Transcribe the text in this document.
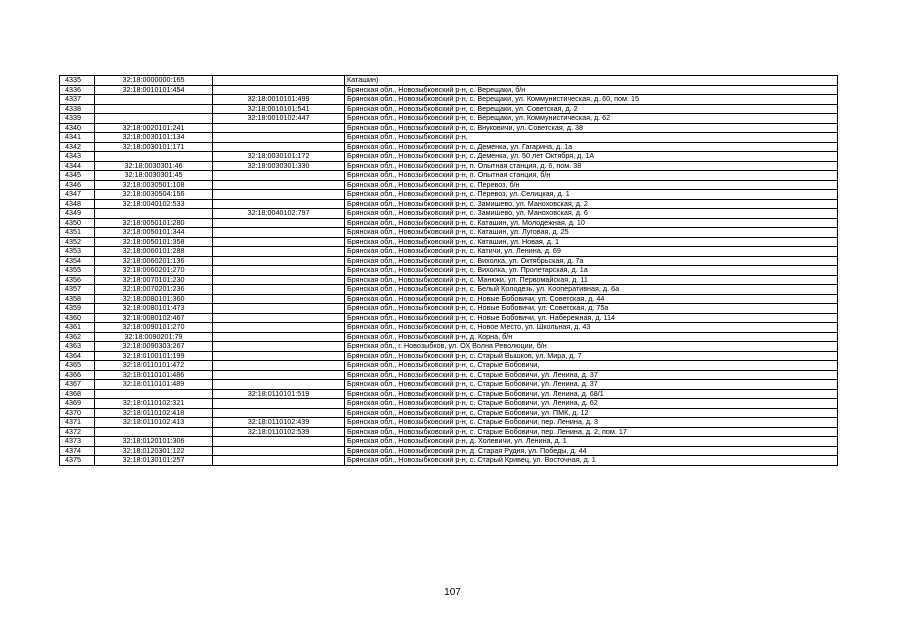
4335	32:18:0000000:165		Каташин)
4336	32:18:0010101:454		Брянская обл., Новозыбковский р-н, с. Верещаки, б/н
4337		32:18:0010101:499	Брянская обл., Новозыбковский р-н, с. Верещаки, ул. Коммунистическая, д. 60, пом. 15
4338		32:18:0010101:541	Брянская обл., Новозыбковский р-н, с. Верещаки, ул. Советская, д. 2
4339		32:18:0010102:447	Брянская обл., Новозыбковский р-н, с. Верещаки, ул. Коммунистическая, д. 62
4340	32:18:0020101:241		Брянская обл., Новозыбковский р-н, с. Внуковичи, ул. Советская, д. 38
4341	32:18:0030101:134		Брянская обл., Новозыбковский р-н,
4342	32:18:0030101:171		Брянская обл., Новозыбковский р-н, с. Деменка, ул. Гагарина, д. 1а
4343		32:18:0030101:172	Брянская обл., Новозыбковский р-н, с. Деменка, ул. 50 лет Октября, д. 1А
4344	32:18:0030301:46	32:18:0030301:330	Брянская обл., Новозыбковский р-н, п. Опытная станция, д. 6, пом. 38
4345	32:18:0030301:45		Брянская обл., Новозыбковский р-н, п. Опытная станция, б/н
4346	32:18:0030501:108		Брянская обл., Новозыбковский р-н, с. Перевоз, б/н
4347	32:18:0030504:156		Брянская обл., Новозыбковский р-н, с. Перевоз, ул. Селицкая, д. 1
4348	32:18:0040102:533		Брянская обл., Новозыбковский р-н, с. Замишево, ул. Маноховская, д. 2
4349		32:18:0040102:797	Брянская обл., Новозыбковский р-н, с. Замишево, ул. Маноховская, д. 6
4350	32:18:0050101:280		Брянская обл., Новозыбковский р-н, с. Каташин, ул. Молодежная, д. 10
4351	32:18:0050101:344		Брянская обл., Новозыбковский р-н, с. Каташин, ул. Луговая, д. 25
4352	32:18:0050101:358		Брянская обл., Новозыбковский р-н, с. Каташин, ул. Новая, д. 1
4353	32:18:0060101:288		Брянская обл., Новозыбковский р-н, с. Катичи, ул. Ленина, д. 69
4354	32:18:0060201:136		Брянская обл., Новозыбковский р-н, с. Вихолка, ул. Октябрьская, д. 7а
4355	32:18:0060201:270		Брянская обл., Новозыбковский р-н, с. Вихолка, ул. Пролетарская, д. 1а
4356	32:18:0070101:230		Брянская обл., Новозыбковский р-н, с. Манюки, ул. Первомайская, д. 11
4357	32:18:0070201:236		Брянская обл., Новозыбковский р-н, с. Белый Колодезь, ул. Кооперативная, д. 6а
4358	32:18:0080101:360		Брянская обл., Новозыбковский р-н, с. Новые Бобовичи, ул. Советская, д. 44
4359	32:18:0080101:473		Брянская обл., Новозыбковский р-н, с. Новые Бобовичи, ул. Советская, д. 75а
4360	32:18:0080102:467		Брянская обл., Новозыбковский р-н, с. Новые Бобовичи, ул. Набережная, д. 114
4361	32:18:0090101:270		Брянская обл., Новозыбковский р-н, с. Новое Место, ул. Школьная, д. 43
4362	32:18:0090201:79		Брянская обл., Новозыбковский р-н, д. Корна, б/н
4363	32:18:0090303:267		Брянская обл., г. Новозыбков, ул. ОХ Волна Революции, б/н
4364	32:18:0100101:199		Брянская обл., Новозыбковский р-н, с. Старый Вышков, ул. Мира, д. 7
4365	32:18:0110101:472		Брянская обл., Новозыбковский р-н, с. Старые Бобовичи,
4366	32:18:0110101:486		Брянская обл., Новозыбковский р-н, с. Старые Бобовичи, ул. Ленина, д. 37
4367	32:18:0110101:489		Брянская обл., Новозыбковский р-н, с. Старые Бобовичи, ул. Ленина, д. 37
4368		32:18:0110101:519	Брянская обл., Новозыбковский р-н, с. Старые Бобовичи, ул. Ленина, д. 68/1
4369	32:18:0110102:321		Брянская обл., Новозыбковский р-н, с. Старые Бобовичи, ул. Ленина, д. 62
4370	32:18:0110102:418		Брянская обл., Новозыбковский р-н, с. Старые Бобовичи, ул. ПМК, д. 12
4371	32:18:0110102:413	32:18:0110102:439	Брянская обл., Новозыбковский р-н, с. Старые Бобовичи, пер. Ленина, д. 3
4372		32:18:0110102:539	Брянская обл., Новозыбковский р-н, с. Старые Бобовичи, пер. Ленина, д. 2, пом. 17
4373	32:18:0120101:306		Брянская обл., Новозыбковский р-н, д. Холевичи, ул. Ленина, д. 1
4374	32:18:0120301:122		Брянская обл., Новозыбковский р-н, д. Старая Рудня, ул. Победы, д. 44
4375	32:18:0130101:257		Брянская обл., Новозыбковский р-н, с. Старый Кривец, ул. Восточная, д. 1
107
